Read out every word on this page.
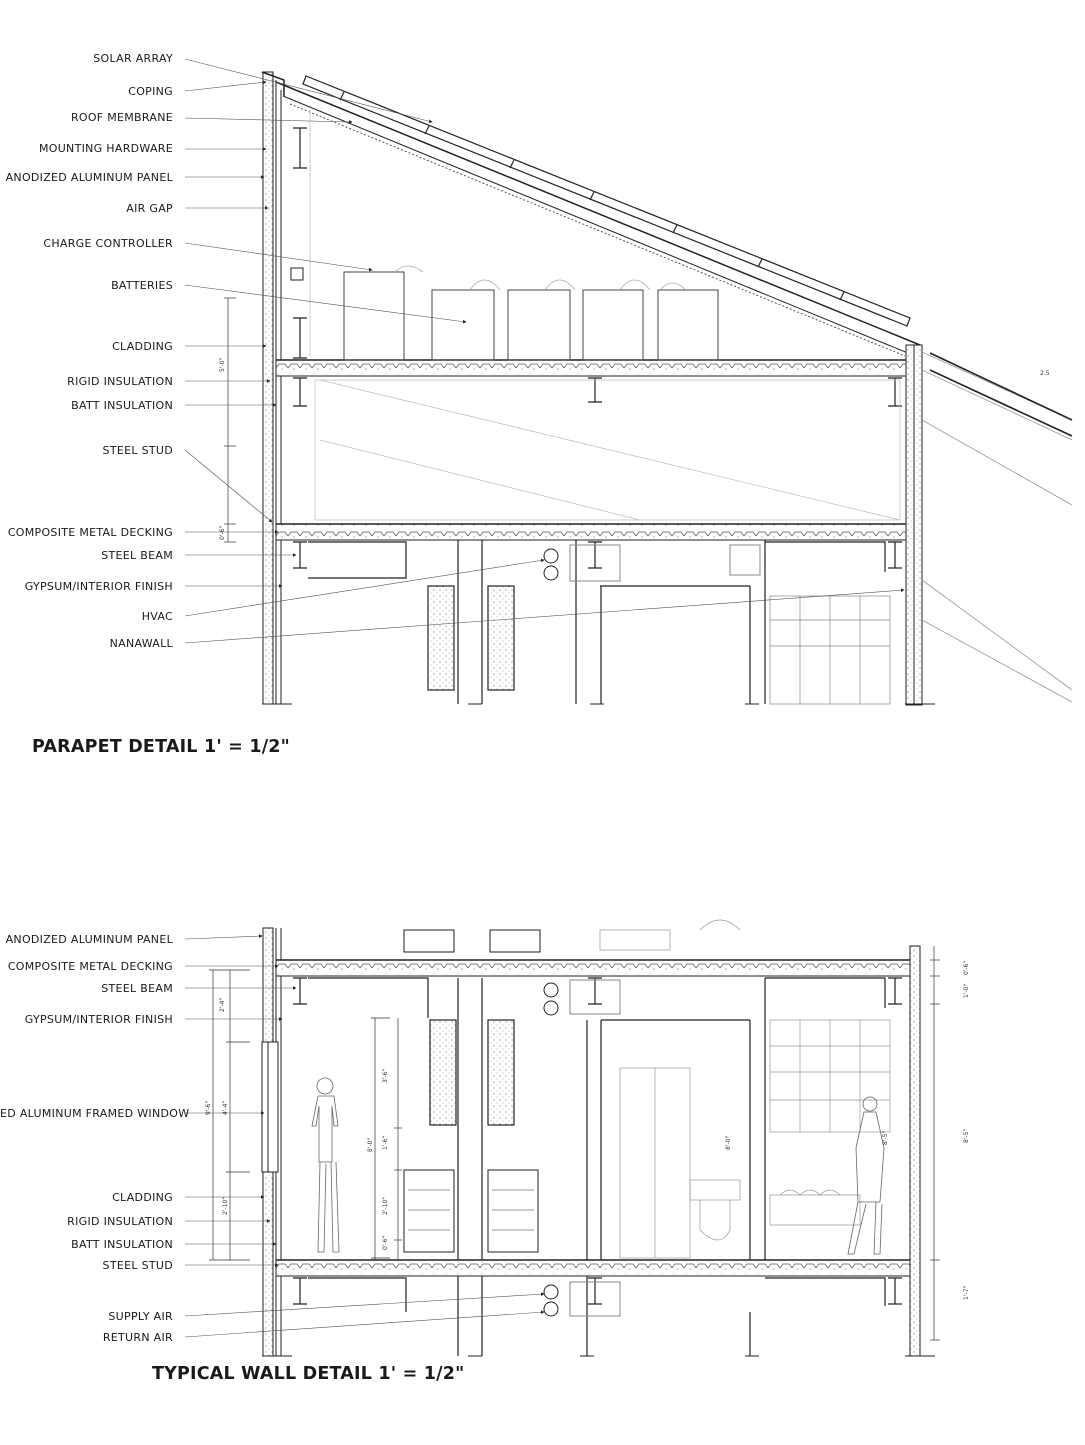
5'-0"
0'-6"
2.5
2'-4"
9'-6" 4'-4"
2'-10"
3'-6"
8'-0" 1'-6"
2'-10"
0'-6"
8'-0"
0'-6"
1'-0"
8'-5"
8'-5"
1'-7"
SOLAR ARRAY
COPING
ROOF MEMBRANE
MOUNTING HARDWARE
ANODIZED ALUMINUM PANEL
AIR GAP
CHARGE CONTROLLER
BATTERIES
CLADDING
RIGID INSULATION
BATT INSULATION
STEEL STUD
COMPOSITE METAL DECKING
STEEL BEAM
GYPSUM/INTERIOR FINISH
HVAC
NANAWALL
PARAPET DETAIL 1' = 1/2"
ANODIZED ALUMINUM PANEL
COMPOSITE METAL DECKING
STEEL BEAM
GYPSUM/INTERIOR FINISH
ED ALUMINUM FRAMED WINDOW
CLADDING
RIGID INSULATION
BATT INSULATION
STEEL STUD
SUPPLY AIR
RETURN AIR
TYPICAL WALL DETAIL 1' = 1/2"
